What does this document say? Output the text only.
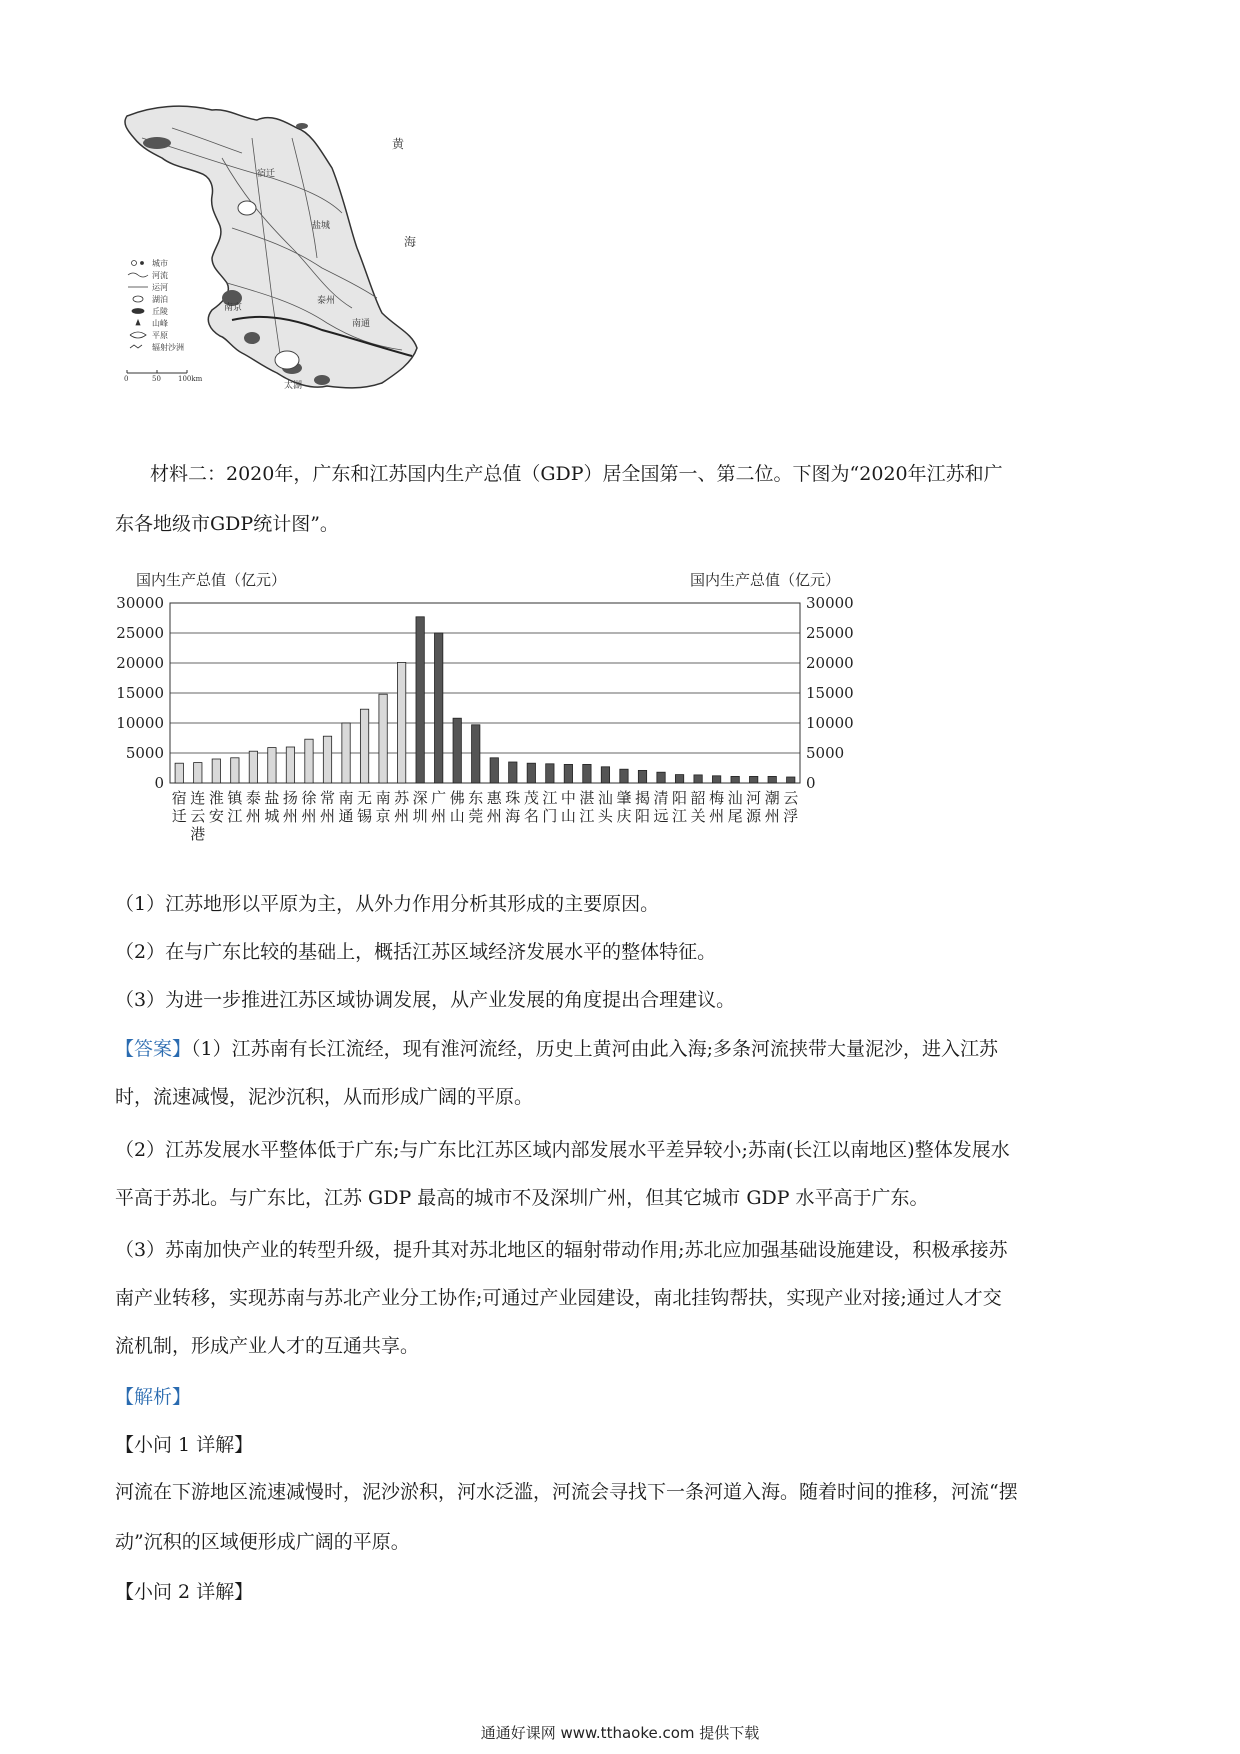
黄
海
宿迁
盐城
泰州
南通
太湖
南京
城市
河流
运河
湖泊
丘陵
山峰
平原
辐射沙洲
0	50 100km
材料二：2020年，广东和江苏国内生产总值（GDP）居全国第一、第二位。下图为“2020年江苏和广
东各地级市GDP统计图”。
国内生产总值（亿元）	国内生产总值（亿元）
0
5000
10000
15000
20000
25000
30000
0
5000
10000
15000
20000
25000
30000
宿迁
连云港
淮安
镇江
泰州
盐城
扬州
徐州
常州
南通
无锡
南京
苏州
深圳
广州
佛山
东莞
惠州
珠海
茂名
江门
中山
湛江
汕头
肇庆
揭阳
清远
阳江
韶关
梅州
汕尾
河源
潮州
云浮
（1）江苏地形以平原为主，从外力作用分析其形成的主要原因。
（2）在与广东比较的基础上，概括江苏区域经济发展水平的整体特征。
（3）为进一步推进江苏区域协调发展，从产业发展的角度提出合理建议。
【答案】（1）江苏南有长江流经，现有淮河流经，历史上黄河由此入海;多条河流挟带大量泥沙，进入江苏
时，流速减慢，泥沙沉积，从而形成广阔的平原。
（2）江苏发展水平整体低于广东;与广东比江苏区域内部发展水平差异较小;苏南(长江以南地区)整体发展水
平高于苏北。与广东比，江苏 GDP 最高的城市不及深圳广州，但其它城市 GDP 水平高于广东。
（3）苏南加快产业的转型升级，提升其对苏北地区的辐射带动作用;苏北应加强基础设施建设，积极承接苏
南产业转移，实现苏南与苏北产业分工协作;可通过产业园建设，南北挂钩帮扶，实现产业对接;通过人才交
流机制，形成产业人才的互通共享。
【解析】
【小问 1 详解】
河流在下游地区流速减慢时，泥沙淤积，河水泛滥，河流会寻找下一条河道入海。随着时间的推移，河流“摆
动”沉积的区域便形成广阔的平原。
【小问 2 详解】
通通好课网 www.tthaoke.com 提供下载
